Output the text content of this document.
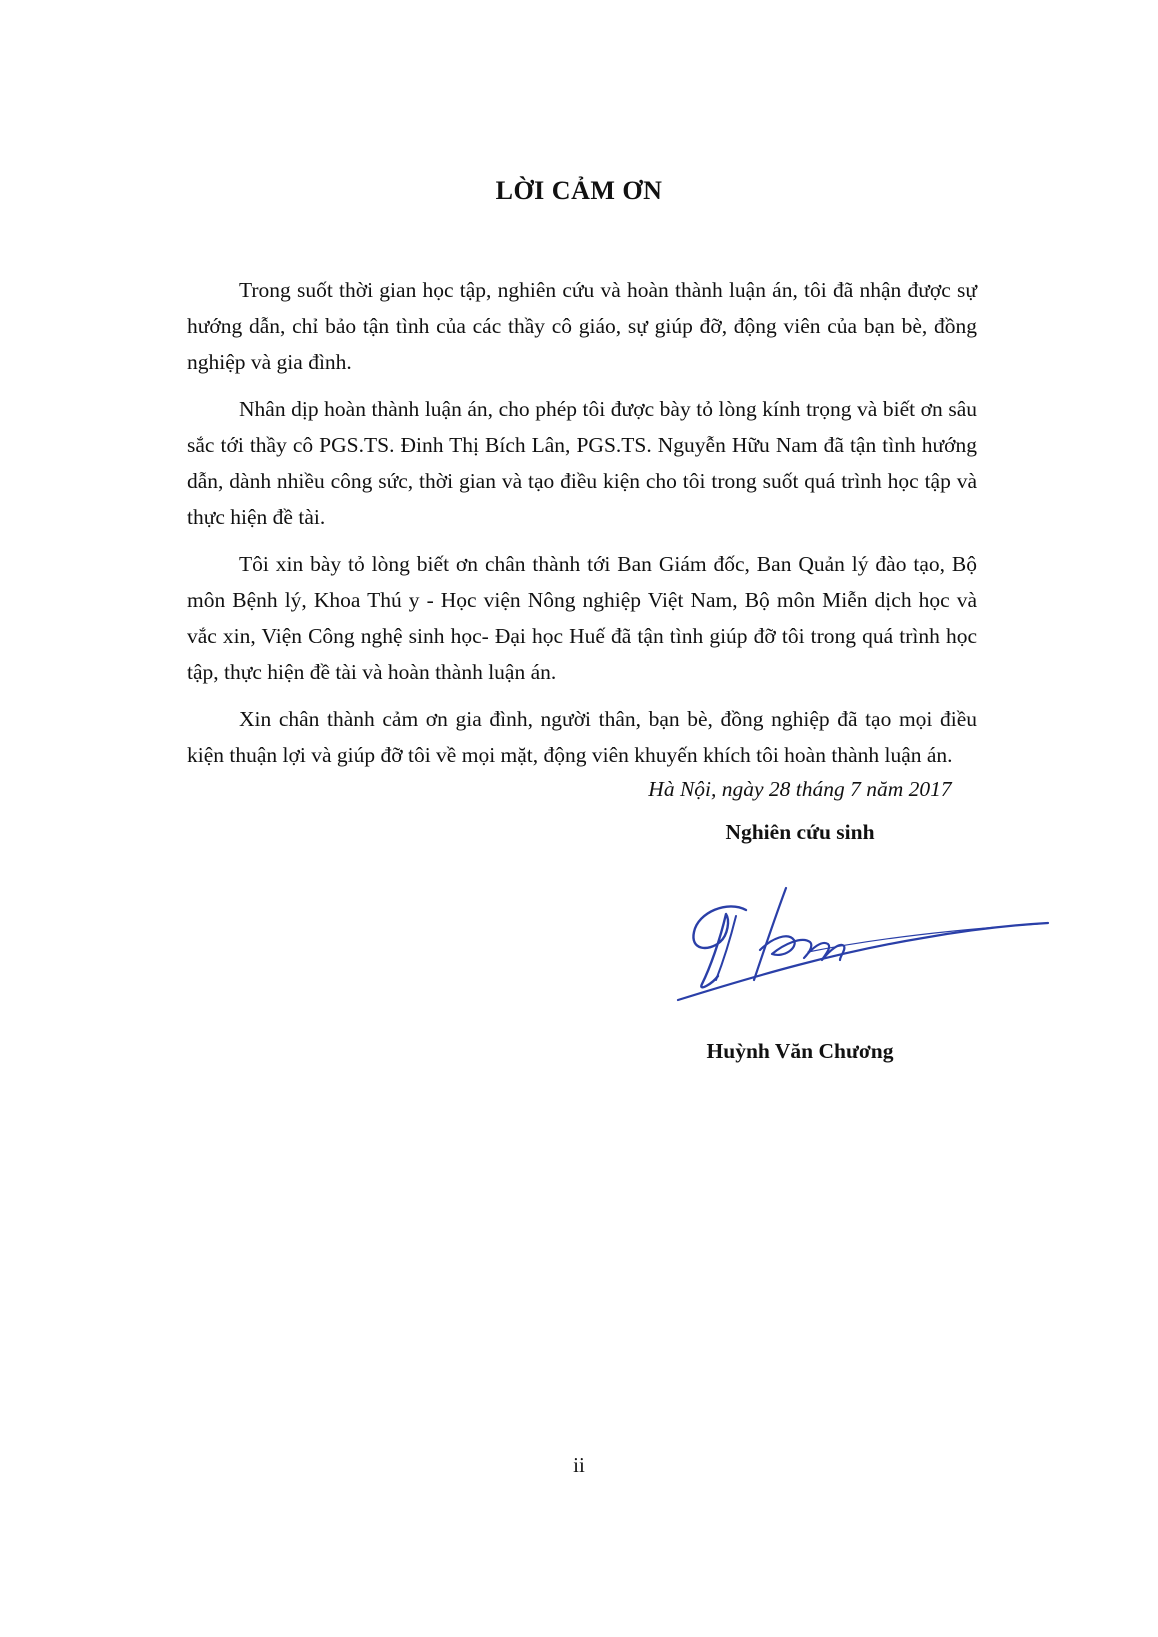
LỜI CẢM ƠN

Trong suốt thời gian học tập, nghiên cứu và hoàn thành luận án, tôi đã nhận được sự hướng dẫn, chỉ bảo tận tình của các thầy cô giáo, sự giúp đỡ, động viên của bạn bè, đồng nghiệp và gia đình.

Nhân dịp hoàn thành luận án, cho phép tôi được bày tỏ lòng kính trọng và biết ơn sâu sắc tới thầy cô PGS.TS. Đinh Thị Bích Lân, PGS.TS. Nguyễn Hữu Nam đã tận tình hướng dẫn, dành nhiều công sức, thời gian và tạo điều kiện cho tôi trong suốt quá trình học tập và thực hiện đề tài.

Tôi xin bày tỏ lòng biết ơn chân thành tới Ban Giám đốc, Ban Quản lý đào tạo, Bộ môn Bệnh lý, Khoa Thú y - Học viện Nông nghiệp Việt Nam, Bộ môn Miễn dịch học và vắc xin, Viện Công nghệ sinh học- Đại học Huế đã tận tình giúp đỡ tôi trong quá trình học tập, thực hiện đề tài và hoàn thành luận án.

Xin chân thành cảm ơn gia đình, người thân, bạn bè, đồng nghiệp đã tạo mọi điều kiện thuận lợi và giúp đỡ tôi về mọi mặt, động viên khuyến khích tôi hoàn thành luận án.

Hà Nội, ngày 28 tháng 7 năm 2017

Nghiên cứu sinh

Huỳnh Văn Chương

ii
